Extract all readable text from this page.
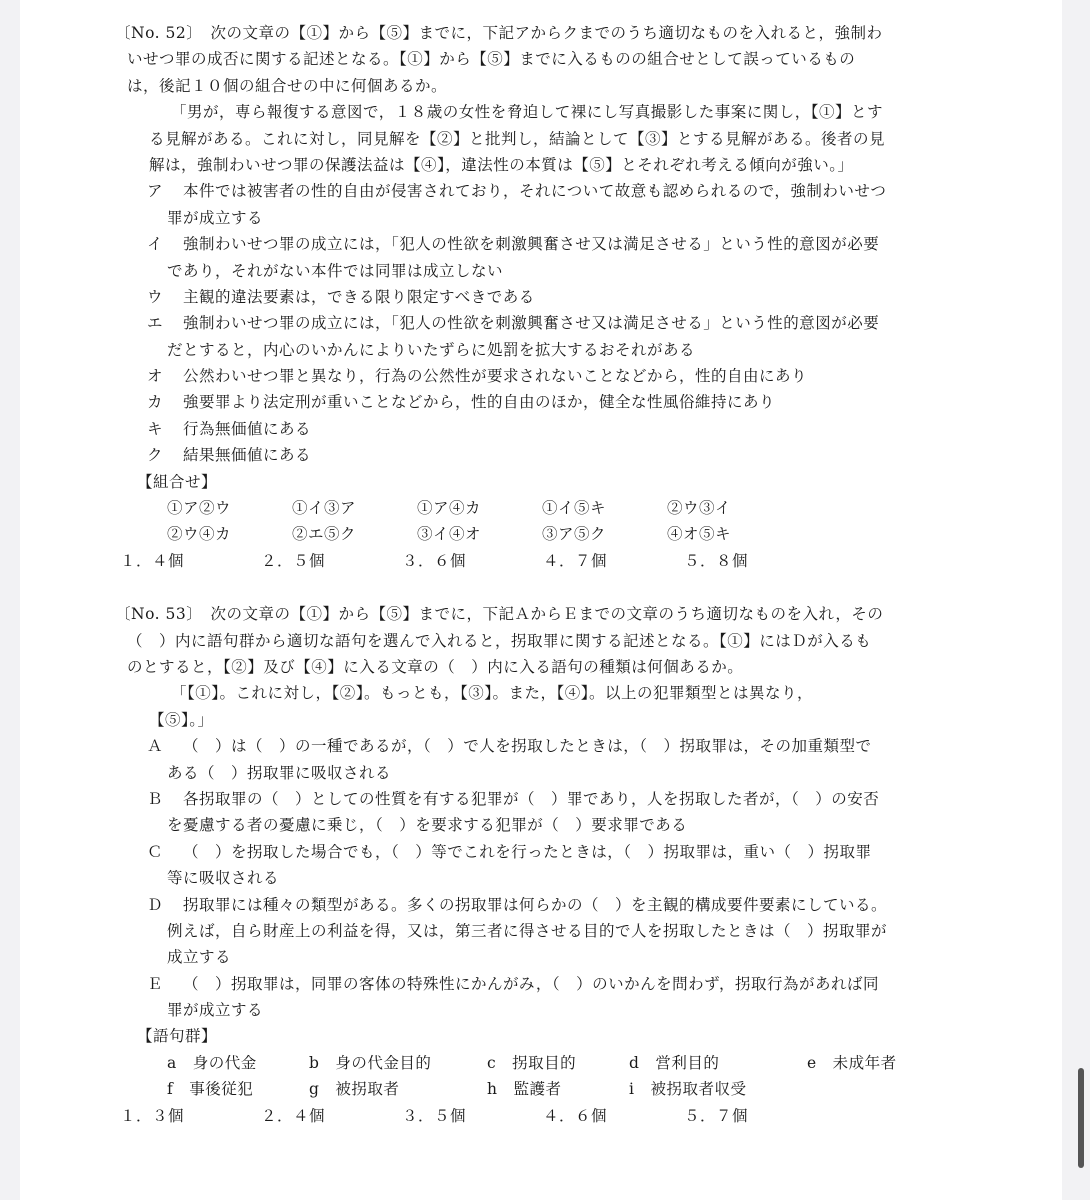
〔No. 52〕　次の文章の【①】から【⑤】までに，下記アからクまでのうち適切なものを入れると，強制わ
いせつ罪の成否に関する記述となる。【①】から【⑤】までに入るものの組合せとして誤っているもの
は，後記１０個の組合せの中に何個あるか。
「男が，専ら報復する意図で，１８歳の女性を脅迫して裸にし写真撮影した事案に関し，【①】とす
る見解がある。これに対し，同見解を【②】と批判し，結論として【③】とする見解がある。後者の見
解は，強制わいせつ罪の保護法益は【④】，違法性の本質は【⑤】とそれぞれ考える傾向が強い。」
ア 本件では被害者の性的自由が侵害されており，それについて故意も認められるので，強制わいせつ
罪が成立する
イ 強制わいせつ罪の成立には，「犯人の性欲を刺激興奮させ又は満足させる」という性的意図が必要
であり，それがない本件では同罪は成立しない
ウ 主観的違法要素は，できる限り限定すべきである
エ 強制わいせつ罪の成立には，「犯人の性欲を刺激興奮させ又は満足させる」という性的意図が必要
だとすると，内心のいかんによりいたずらに処罰を拡大するおそれがある
オ 公然わいせつ罪と異なり，行為の公然性が要求されないことなどから，性的自由にあり
カ 強要罪より法定刑が重いことなどから，性的自由のほか，健全な性風俗維持にあり
キ 行為無価値にある
ク 結果無価値にある
【組合せ】
①ア②ウ	①イ③ア	①ア④カ	①イ⑤キ	②ウ③イ
②ウ④カ	②エ⑤ク	③イ④オ	③ア⑤ク	④オ⑤キ
１．４個	２．５個	３．６個	４．７個	５．８個
〔No. 53〕　次の文章の【①】から【⑤】までに，下記ＡからＥまでの文章のうち適切なものを入れ，その
（　）内に語句群から適切な語句を選んで入れると，拐取罪に関する記述となる。【①】にはＤが入るも
のとすると，【②】及び【④】に入る文章の（　）内に入る語句の種類は何個あるか。
「【①】。これに対し，【②】。もっとも，【③】。また，【④】。以上の犯罪類型とは異なり，
【⑤】。」
Ａ （　）は（　）の一種であるが，（　）で人を拐取したときは，（　）拐取罪は，その加重類型で
ある（　）拐取罪に吸収される
Ｂ 各拐取罪の（　）としての性質を有する犯罪が（　）罪であり，人を拐取した者が，（　）の安否
を憂慮する者の憂慮に乗じ，（　）を要求する犯罪が（　）要求罪である
Ｃ （　）を拐取した場合でも，（　）等でこれを行ったときは，（　）拐取罪は，重い（　）拐取罪
等に吸収される
Ｄ 拐取罪には種々の類型がある。多くの拐取罪は何らかの（　）を主観的構成要件要素にしている。
例えば，自ら財産上の利益を得，又は，第三者に得させる目的で人を拐取したときは（　）拐取罪が
成立する
Ｅ （　）拐取罪は，同罪の客体の特殊性にかんがみ，（　）のいかんを問わず，拐取行為があれば同
罪が成立する
【語句群】
a　身の代金	b　身の代金目的	c　拐取目的	d　営利目的	e　未成年者
f　事後従犯	g　被拐取者	h　監護者	i　被拐取者収受
１．３個	２．４個	３．５個	４．６個	５．７個
